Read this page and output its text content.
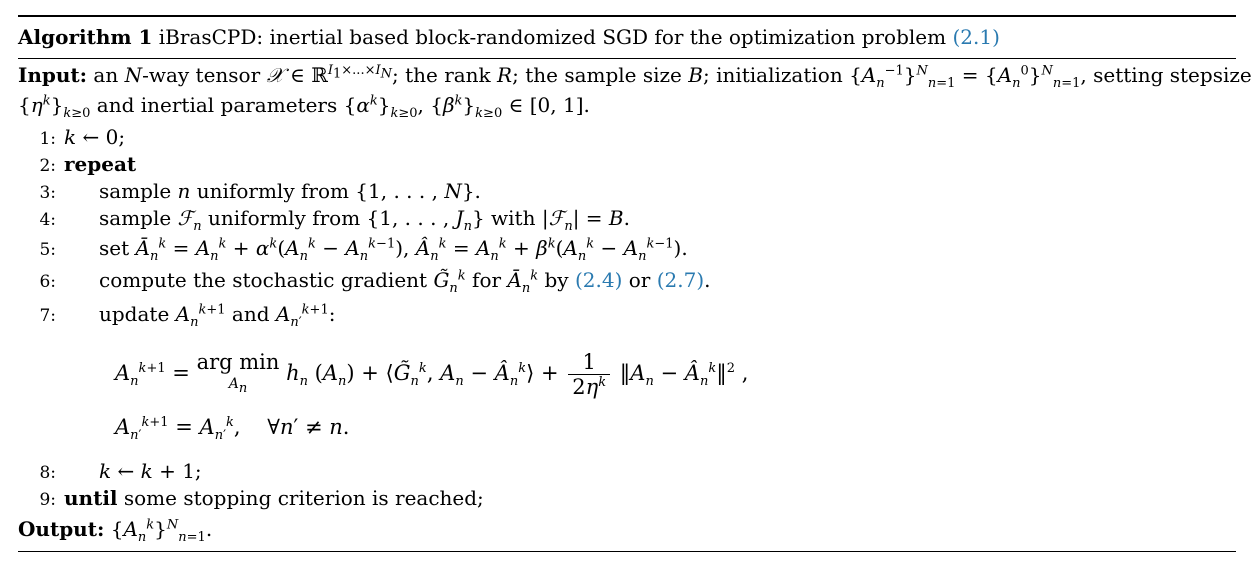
Algorithm 1 iBrasCPD: inertial based block-randomized SGD for the optimization problem (2.1)
Input: an N-way tensor 𝒳 ∈ ℝ$^{I_1\times...\times I_N}$; the rank R; the sample size B; initialization $\{A_n^{-1}\}^N_{n=1} = \{A_n^0\}^N_{n=1}$, setting stepsize
$\{\eta^k\}_{k\ge 0}$ and inertial parameters $\{\alpha^k\}_{k\ge 0}$, $\{\beta^k\}_{k\ge 0}$ ∈ [0, 1].
1: k ← 0;
2: repeat
3: sample n uniformly from {1, . . . , N}.
4: sample ℱ$_n$ uniformly from {1, . . . , $J_n$} with |ℱ$_n$| = B.
5: set $Ā_n^k = A_n^k + \alpha^k(A_n^k - A_n^{k-1})$, $Â_n^k = A_n^k + \beta^k(A_n^k - A_n^{k-1})$.
6: compute the stochastic gradient $G̃_n^k$ for $Ā_n^k$ by (2.4) or (2.7).
7: update $A_n^{k+1}$ and $A_{n'}^{k+1}$:
$A_n^{k+1}$ = arg min
$A_n$
$h_n$ $(A_n)$ + $⟨G̃_n^k$, $A_n$ − $Â_n^k⟩ + \frac{1}{2\eta^k}$ $‖A_n$ − $Â_n^k‖^2$ ,
$A_{n'}^{k+1} = A_{n'}^k$,    ∀n′ ≠ n.
8: k ← k + 1;
9: until some stopping criterion is reached;
Output: $\{A_n^k\}^N_{n=1}$.
